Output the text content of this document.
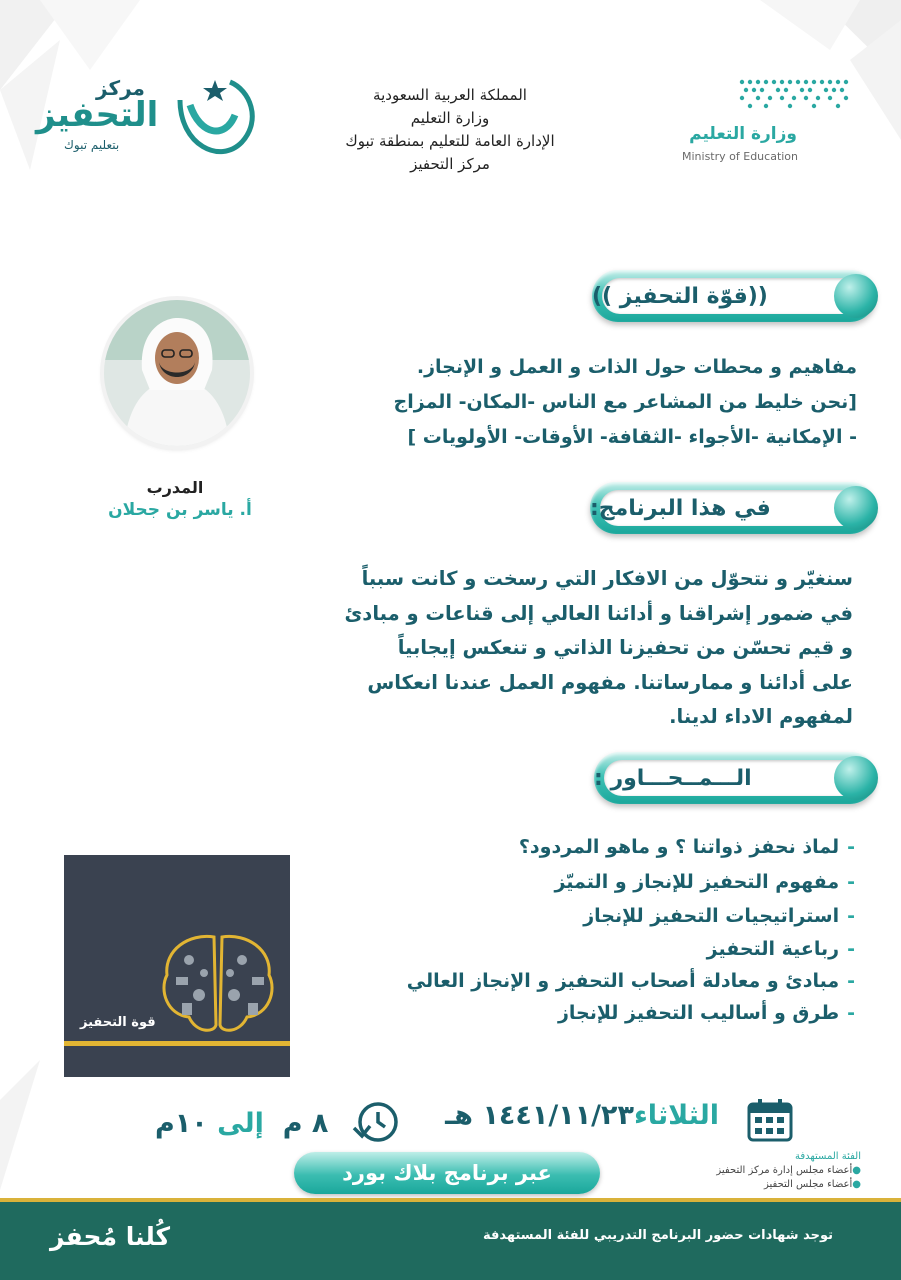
وزارة التعليم
Ministry of Education
المملكة العربية السعودية
وزارة التعليم
الإدارة العامة للتعليم بمنطقة تبوك
مركز التحفيز
مركز
التحفيز
بتعليم تبوك
((قوّة التحفيز ))
مفاهيم و محطات حول الذات و العمل و الإنجاز.
[نحن خليط من المشاعر مع الناس -المكان- المزاج
- الإمكانية -الأجواء -الثقافة- الأوقات- الأولويات ]
المدرب
أ. ياسر بن جحلان	في هذا البرنامج:
سنغيّر و نتحوّل من الافكار التي رسخت و كانت سبباً
في ضمور إشراقنا و أدائنا العالي إلى قناعات و مبادئ
و قيم تحسّن من تحفيزنا الذاتي و تنعكس إيجابياً
على أدائنا و ممارساتنا. مفهوم العمل عندنا انعكاس
لمفهوم الاداء لدينا.
الـــمــحـــاور :
-لماذ نحفز ذواتنا ؟ و ماهو المردود؟
-مفهوم التحفيز للإنجاز و التميّز
-استراتيجيات التحفيز للإنجاز
-رباعية التحفيز
-مبادئ و معادلة أصحاب التحفيز و الإنجاز العالي
-طرق و أساليب التحفيز للإنجاز
قوة التحفيز
الثلاثاء١٤٤١/١١/٢٣ هـ
٨ م  إلى ١٠م
عبر برنامج بلاك بورد
الفئة المستهدفة
●أعضاء مجلس إدارة مركز التحفيز
●أعضاء مجلس التحفيز
كُلنا مُحفز	توجد شهادات حضور البرنامج التدريبي للفئة المستهدفة
